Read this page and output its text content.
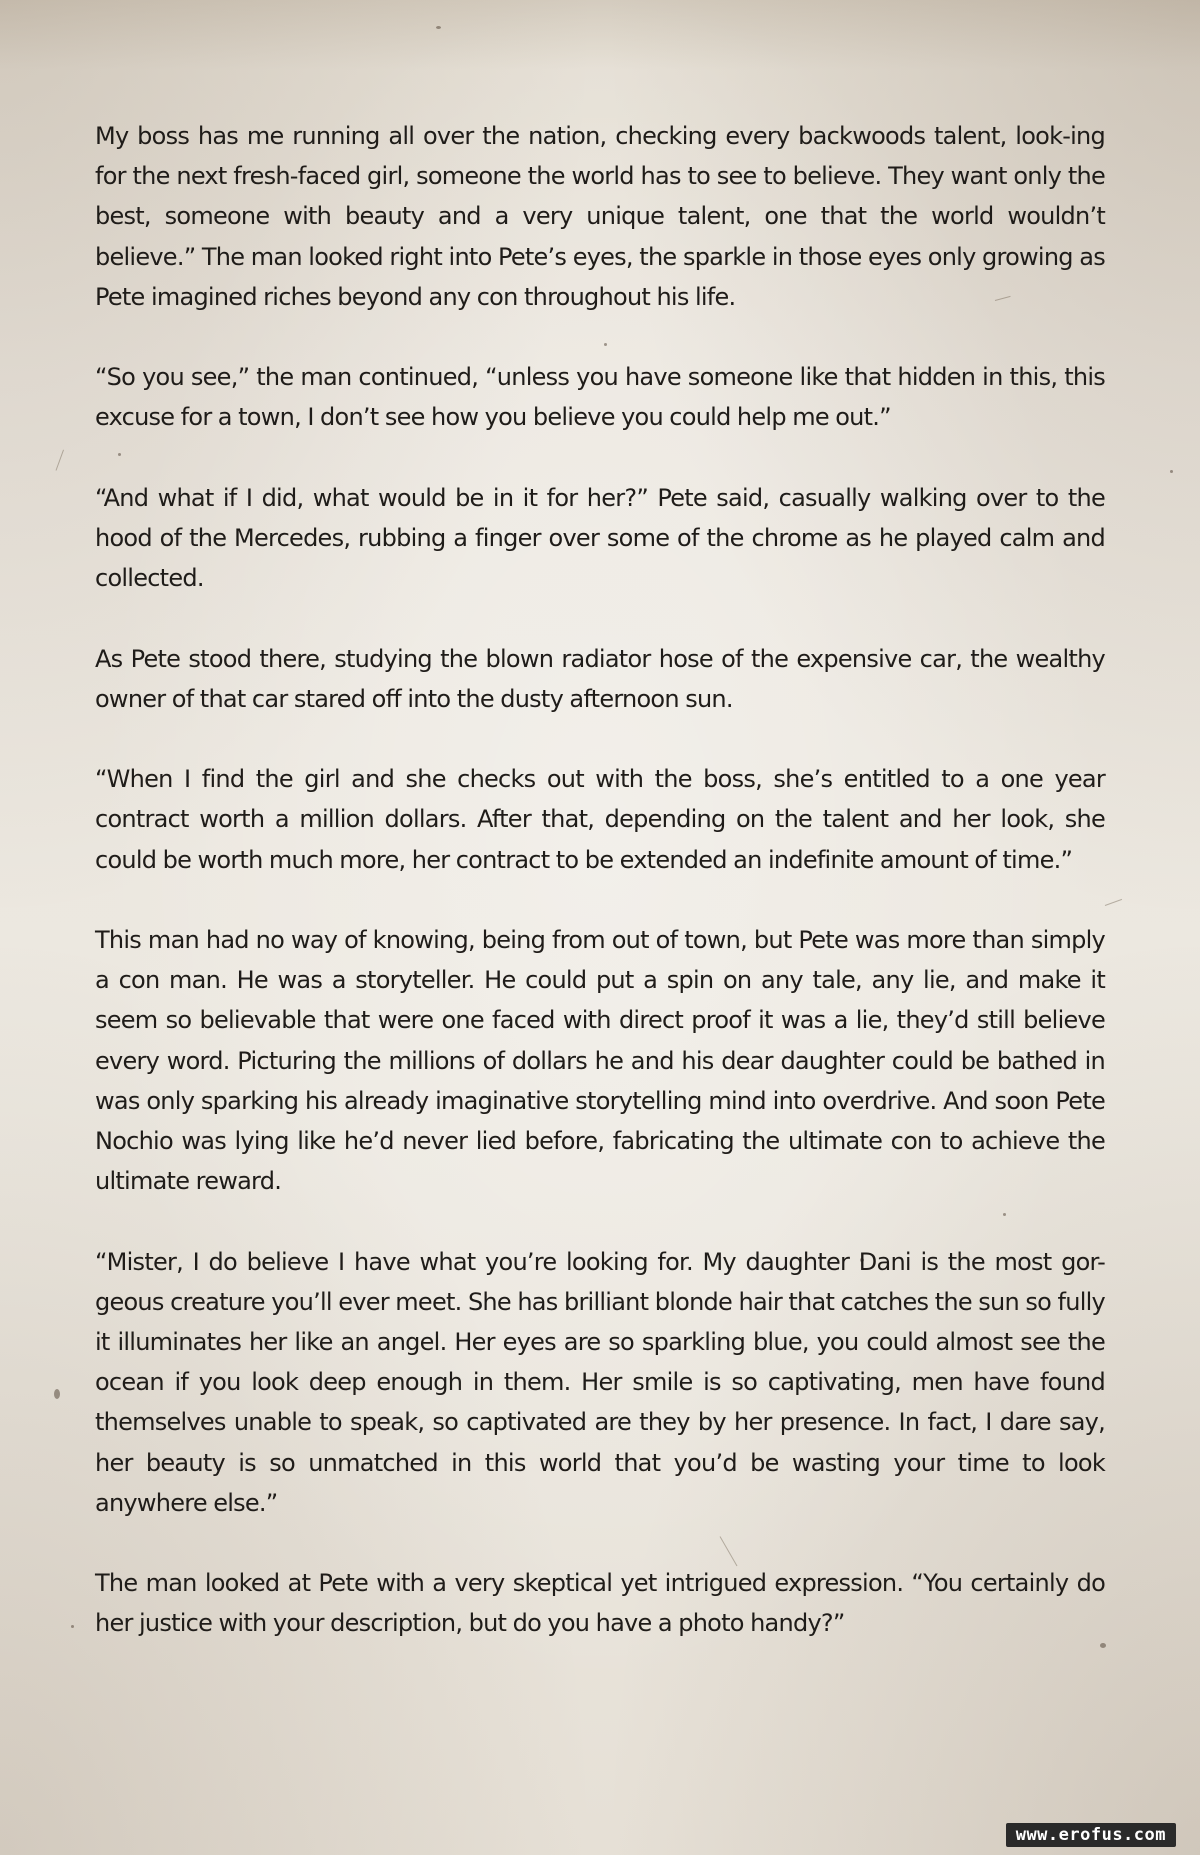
My boss has me running all over the nation, checking every backwoods talent, look-ing for the next fresh-faced girl, someone the world has to see to believe. They want only the best, someone with beauty and a very unique talent, one that the world wouldn’t believe.” The man looked right into Pete’s eyes, the sparkle in those eyes only growing as Pete imagined riches beyond any con throughout his life.

“So you see,” the man continued, “unless you have someone like that hidden in this, this excuse for a town, I don’t see how you believe you could help me out.”

“And what if I did, what would be in it for her?” Pete said, casually walking over to the hood of the Mercedes, rubbing a finger over some of the chrome as he played calm and collected.

As Pete stood there, studying the blown radiator hose of the expensive car, the wealthy owner of that car stared off into the dusty afternoon sun.

“When I find the girl and she checks out with the boss, she’s entitled to a one year contract worth a million dollars. After that, depending on the talent and her look, she could be worth much more, her contract to be extended an indefinite amount of time.”

This man had no way of knowing, being from out of town, but Pete was more than simply a con man. He was a storyteller. He could put a spin on any tale, any lie, and make it seem so believable that were one faced with direct proof it was a lie, they’d still believe every word. Picturing the millions of dollars he and his dear daughter could be bathed in was only sparking his already imaginative storytelling mind into overdrive. And soon Pete Nochio was lying like he’d never lied before, fabricating the ultimate con to achieve the ultimate reward.

“Mister, I do believe I have what you’re looking for. My daughter Dani is the most gor-geous creature you’ll ever meet. She has brilliant blonde hair that catches the sun so fully it illuminates her like an angel. Her eyes are so sparkling blue, you could almost see the ocean if you look deep enough in them. Her smile is so captivating, men have found themselves unable to speak, so captivated are they by her presence. In fact, I dare say, her beauty is so unmatched in this world that you’d be wasting your time to look anywhere else.”

The man looked at Pete with a very skeptical yet intrigued expression. “You certainly do her justice with your description, but do you have a photo handy?”

www.erofus.com
